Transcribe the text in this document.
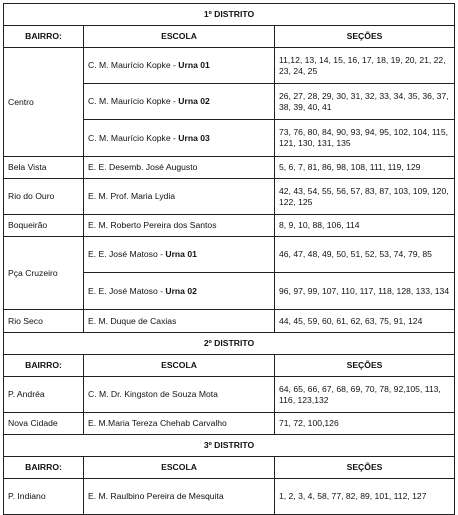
1º DISTRITO		
BAIRRO:	ESCOLA	SEÇÕES
Centro	C. M. Maurício Kopke - Urna 01	11,12, 13, 14, 15, 16, 17, 18, 19, 20, 21, 22, 23, 24, 25
	C. M. Maurício Kopke - Urna 02	26, 27, 28, 29, 30, 31, 32, 33, 34, 35, 36, 37, 38, 39, 40, 41
	C. M. Maurício Kopke - Urna 03	73, 76, 80, 84, 90, 93, 94, 95, 102, 104, 115, 121, 130, 131, 135
Bela Vista	E. E. Desemb. José Augusto	5, 6, 7, 81, 86, 98, 108, 111, 119, 129
Rio do Ouro	E. M. Prof. Maria Lydia	42, 43, 54, 55, 56, 57, 83, 87, 103, 109, 120, 122, 125
Boqueirão	E. M. Roberto Pereira dos Santos	8, 9, 10, 88, 106, 114
Pça Cruzeiro	E. E. José Matoso - Urna 01	46, 47, 48, 49, 50, 51, 52, 53, 74, 79, 85
	E. E. José Matoso - Urna 02	96, 97, 99, 107, 110, 117, 118, 128, 133, 134
Rio Seco	E. M. Duque de Caxias	44, 45, 59, 60, 61, 62, 63, 75, 91, 124
2º DISTRITO		
BAIRRO:	ESCOLA	SEÇÕES
P. Andréa	C. M. Dr. Kingston de Souza Mota	64, 65, 66, 67, 68, 69, 70, 78, 92,105, 113, 116, 123,132
Nova Cidade	E. M.Maria Tereza Chehab Carvalho	71, 72, 100,126
3º DISTRITO		
BAIRRO:	ESCOLA	SEÇÕES
P. Indiano	E. M. Raulbino Pereira de Mesquita	1, 2, 3, 4, 58, 77, 82, 89, 101, 112, 127
